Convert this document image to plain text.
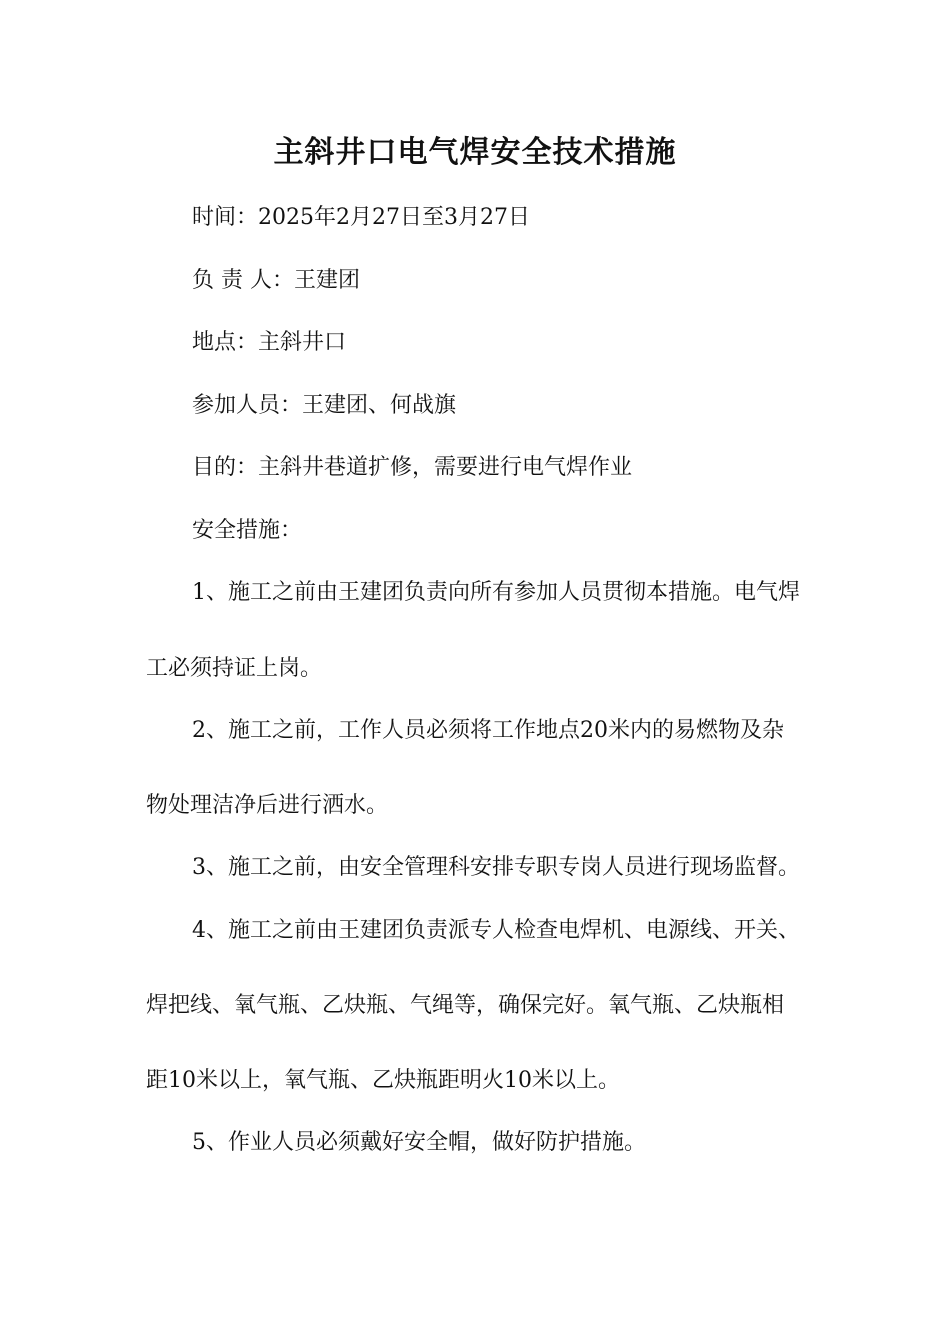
主斜井口电气焊安全技术措施
时间：2025年2月27日至3月27日
负 责 人：王建团
地点：主斜井口
参加人员：王建团、何战旗
目的：主斜井巷道扩修，需要进行电气焊作业
安全措施：
1、施工之前由王建团负责向所有参加人员贯彻本措施。电气焊
工必须持证上岗。
2、施工之前，工作人员必须将工作地点20米内的易燃物及杂
物处理洁净后进行洒水。
3、施工之前，由安全管理科安排专职专岗人员进行现场监督。
4、施工之前由王建团负责派专人检查电焊机、电源线、开关、
焊把线、氧气瓶、乙炔瓶、气绳等，确保完好。氧气瓶、乙炔瓶相
距10米以上，氧气瓶、乙炔瓶距明火10米以上。
5、作业人员必须戴好安全帽，做好防护措施。
